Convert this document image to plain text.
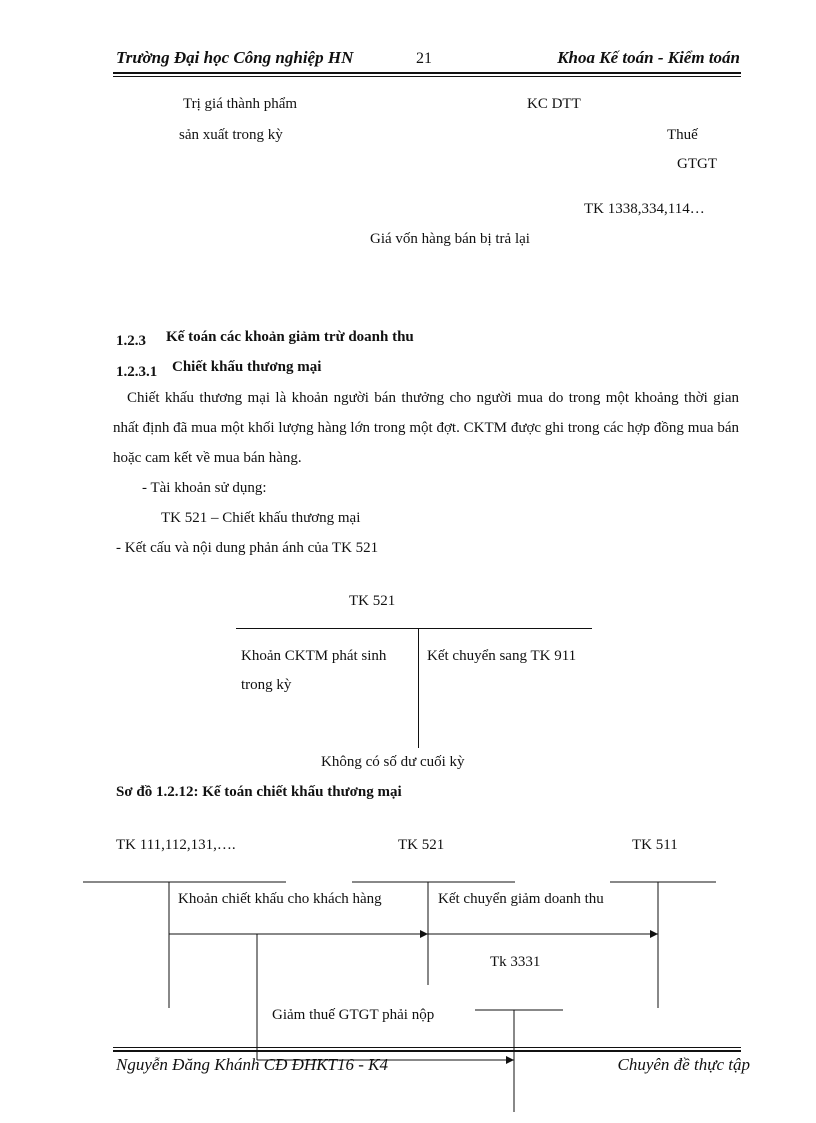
Trường Đại học Công nghiệp HN	21	Khoa Kế toán - Kiểm toán
Trị giá thành phẩm
sản xuất trong kỳ
KC DTT
Thuế
GTGT
TK 1338,334,114…
Giá vốn hàng bán bị trả lại
1.2.3 Kế toán các khoản giảm trừ doanh thu
1.2.3.1 Chiết khấu thương mại
Chiết khấu thương mại là khoản người bán thưởng cho người mua do trong một khoảng thời gian nhất định đã mua một khối lượng hàng lớn trong một đợt. CKTM được ghi trong các hợp đồng mua bán hoặc cam kết về mua bán hàng.
- Tài khoản sử dụng:
TK 521 – Chiết khấu thương mại
- Kết cấu và nội dung phản ánh của TK 521
TK 521
Khoản CKTM phát sinh
trong kỳ
Kết chuyển sang TK 911
Không có số dư cuối kỳ
Sơ đồ 1.2.12: Kế toán chiết khấu thương mại
TK 111,112,131,….	TK 521	TK 511
Khoản chiết khấu cho khách hàng	Kết chuyển giảm doanh thu
Tk 3331
Giảm thuế GTGT phải nộp
Nguyễn Đăng Khánh CĐ ĐHKT16 - K4	Chuyên đề thực tập
